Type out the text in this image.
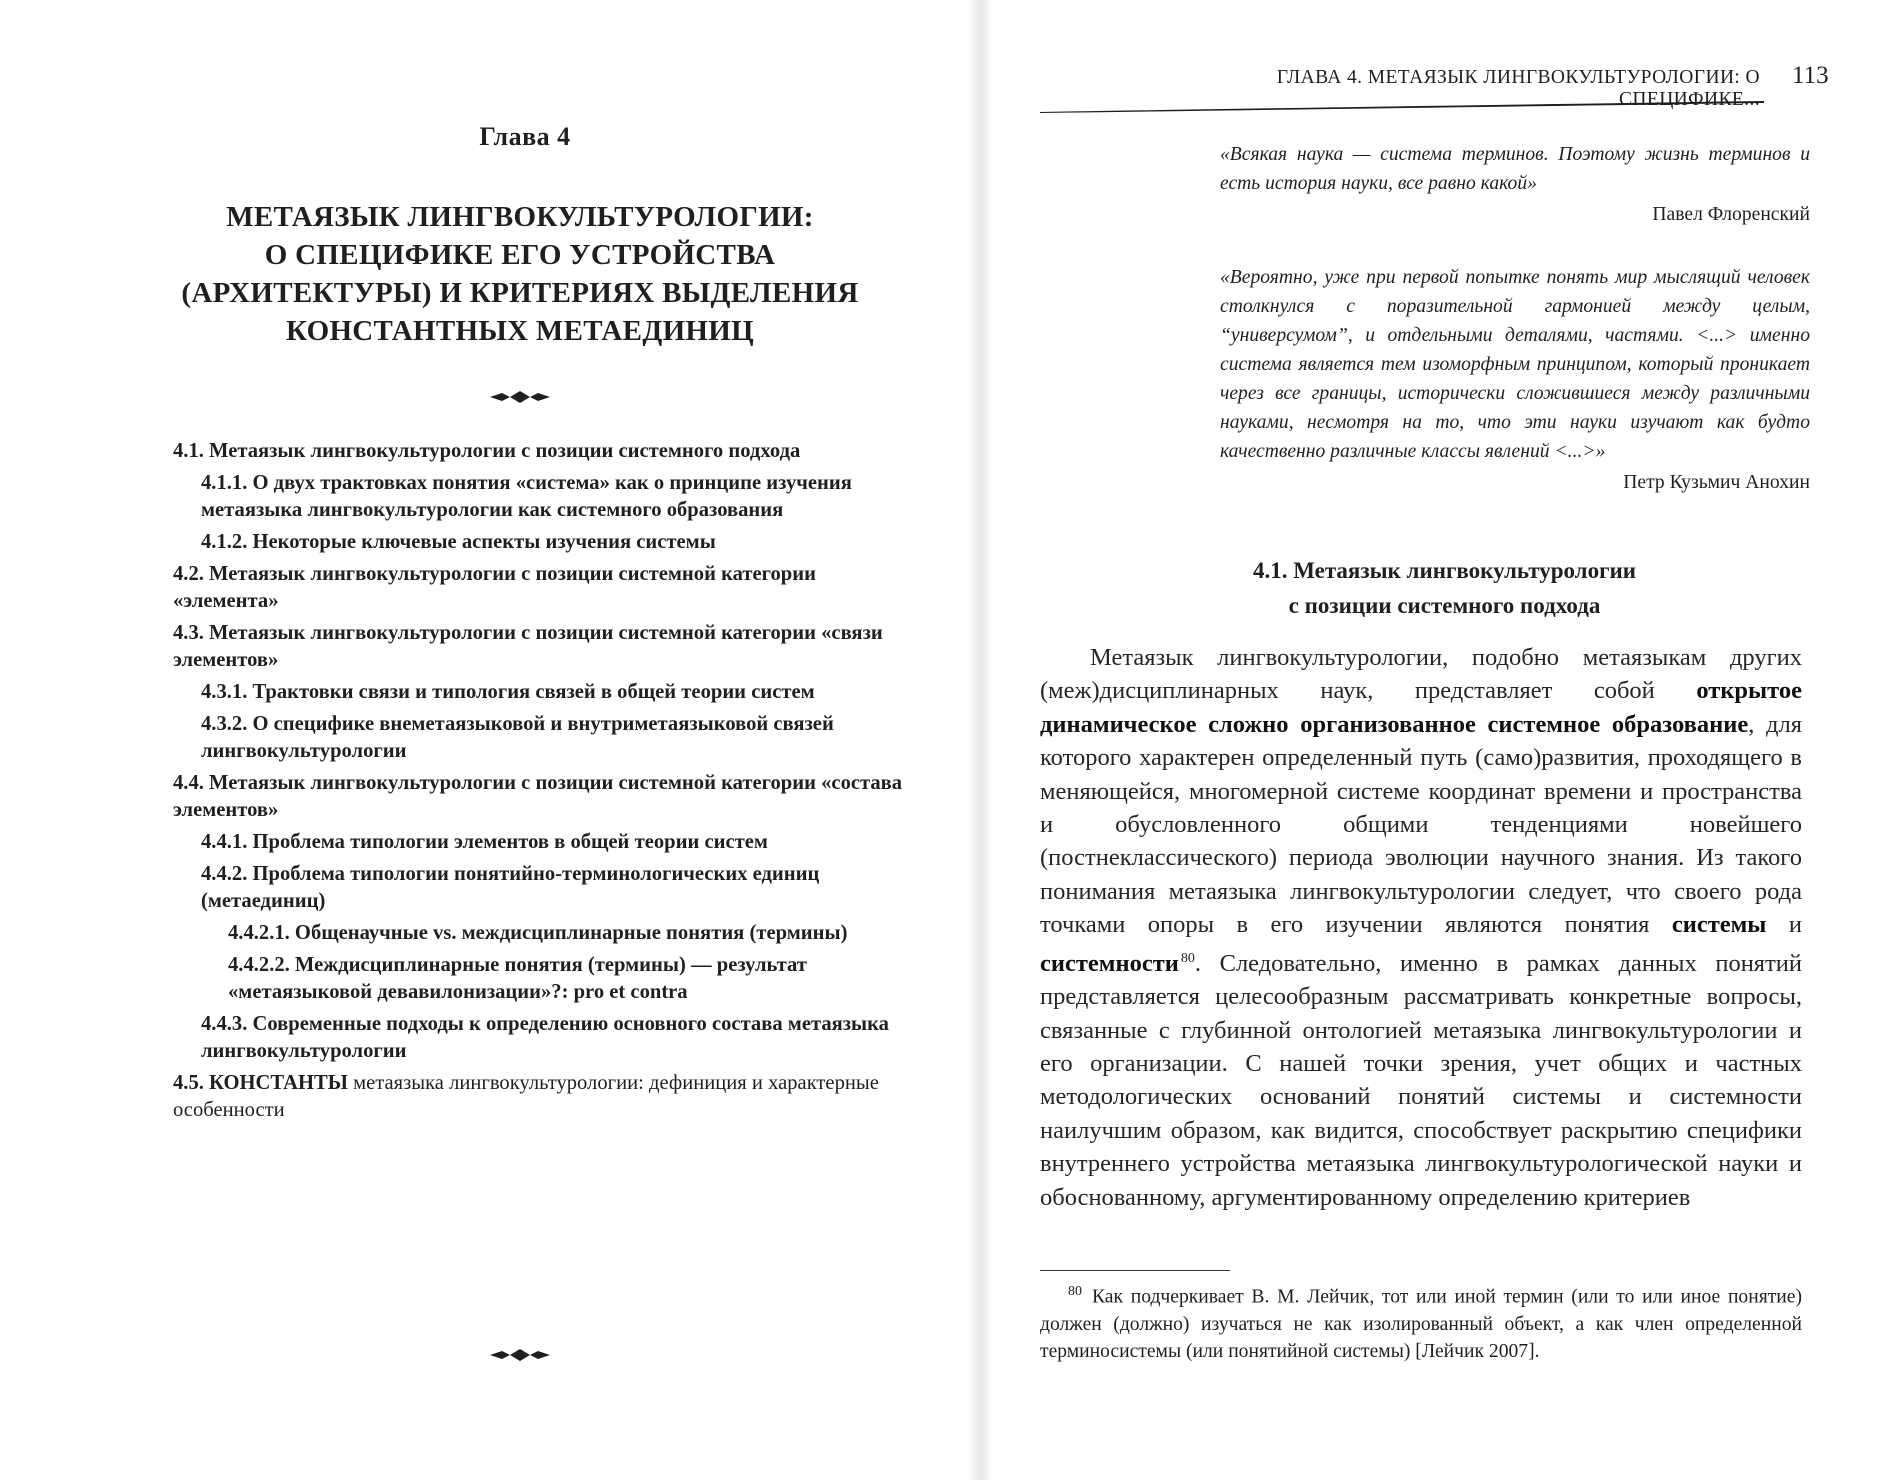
Глава 4
МЕТАЯЗЫК ЛИНГВОКУЛЬТУРОЛОГИИ:
О СПЕЦИФИКЕ ЕГО УСТРОЙСТВА
(АРХИТЕКТУРЫ) И КРИТЕРИЯХ ВЫДЕЛЕНИЯ
КОНСТАНТНЫХ МЕТАЕДИНИЦ
4.1. Метаязык лингвокультурологии с позиции системного подхода
4.1.1. О двух трактовках понятия «система» как о принципе изучения метаязыка лингвокультурологии как системного образования
4.1.2. Некоторые ключевые аспекты изучения системы
4.2. Метаязык лингвокультурологии с позиции системной категории «элемента»
4.3. Метаязык лингвокультурологии с позиции системной категории «связи элементов»
4.3.1. Трактовки связи и типология связей в общей теории систем
4.3.2. О специфике внеметаязыковой и внутриметаязыковой связей лингвокультурологии
4.4. Метаязык лингвокультурологии с позиции системной категории «состава элементов»
4.4.1. Проблема типологии элементов в общей теории систем
4.4.2. Проблема типологии понятийно-терминологических единиц (метаединиц)
4.4.2.1. Общенаучные vs. междисциплинарные понятия (термины)
4.4.2.2. Междисциплинарные понятия (термины) — результат «метаязыковой девавилонизации»?: pro et contra
4.4.3. Современные подходы к определению основного состава метаязыка лингвокультурологии
4.5. КОНСТАНТЫ метаязыка лингвокультурологии: дефиниция и характерные особенности
ГЛАВА 4. МЕТАЯЗЫК ЛИНГВОКУЛЬТУРОЛОГИИ: О СПЕЦИФИКЕ...
113
«Всякая наука — система терминов. Поэтому жизнь терминов и есть история науки, все равно какой»
Павел Флоренский
«Вероятно, уже при первой попытке понять мир мыслящий человек столкнулся с поразительной гармонией между целым, “универсумом”, и отдельными деталями, частями. <...> именно система является тем изоморфным принципом, который проникает через все границы, исторически сложившиеся между различными науками, несмотря на то, что эти науки изучают как будто качественно различные классы явлений <...>»
Петр Кузьмич Анохин
4.1. Метаязык лингвокультурологии
с позиции системного подхода
Метаязык лингвокультурологии, подобно метаязыкам других (меж)дисциплинарных наук, представляет собой открытое динамическое сложно организованное системное образование, для которого характерен определенный путь (само)развития, проходящего в меняющейся, многомерной системе координат времени и пространства и обусловленного общими тенденциями новейшего (постнеклассического) периода эволюции научного знания. Из такого понимания метаязыка лингвокультурологии следует, что своего рода точками опоры в его изучении являются понятия системы и системности  $^{80}$. Следовательно, именно в рамках данных понятий представляется целесообразным рассматривать конкретные вопросы, связанные с глубинной онтологией метаязыка лингвокультурологии и его организации. С нашей точки зрения, учет общих и частных методологических оснований понятий системы и системности наилучшим образом, как видится, способствует раскрытию специфики внутреннего устройства метаязыка лингвокультурологической науки и обоснованному, аргументированному определению критериев
$^{80}$ Как подчеркивает В. М. Лейчик, тот или иной термин (или то или иное понятие) должен (должно) изучаться не как изолированный объект, а как член определенной терминосистемы (или понятийной системы) [Лейчик 2007].
